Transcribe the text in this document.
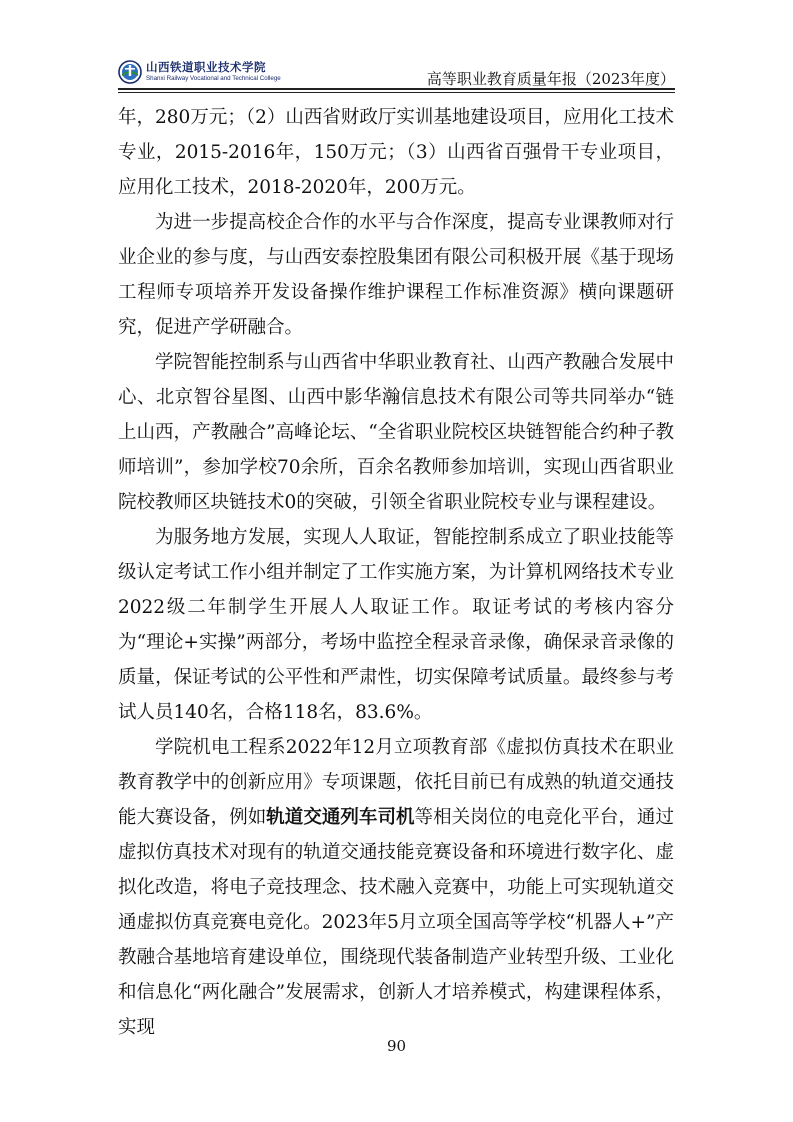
山西铁道职业技术学院
Shanxi Railway Vocational and Technical College	高等职业教育质量年报（2023年度）

年，280万元；（2）山西省财政厅实训基地建设项目，应用化工技术专业，2015-2016年，150万元；（3）山西省百强骨干专业项目，应用化工技术，2018-2020年，200万元。

为进一步提高校企合作的水平与合作深度，提高专业课教师对行业企业的参与度，与山西安泰控股集团有限公司积极开展《基于现场工程师专项培养开发设备操作维护课程工作标准资源》横向课题研究，促进产学研融合。

学院智能控制系与山西省中华职业教育社、山西产教融合发展中心、北京智谷星图、山西中影华瀚信息技术有限公司等共同举办“链上山西，产教融合”高峰论坛、“全省职业院校区块链智能合约种子教师培训”，参加学校70余所，百余名教师参加培训，实现山西省职业院校教师区块链技术0的突破，引领全省职业院校专业与课程建设。

为服务地方发展，实现人人取证，智能控制系成立了职业技能等级认定考试工作小组并制定了工作实施方案，为计算机网络技术专业2022级二年制学生开展人人取证工作。取证考试的考核内容分为“理论+实操”两部分，考场中监控全程录音录像，确保录音录像的质量，保证考试的公平性和严肃性，切实保障考试质量。最终参与考试人员140名，合格118名，83.6%。

学院机电工程系2022年12月立项教育部《虚拟仿真技术在职业教育教学中的创新应用》专项课题，依托目前已有成熟的轨道交通技能大赛设备，例如轨道交通列车司机等相关岗位的电竞化平台，通过虚拟仿真技术对现有的轨道交通技能竞赛设备和环境进行数字化、虚拟化改造，将电子竞技理念、技术融入竞赛中，功能上可实现轨道交通虚拟仿真竞赛电竞化。2023年5月立项全国高等学校“机器人+”产教融合基地培育建设单位，围绕现代装备制造产业转型升级、工业化和信息化“两化融合”发展需求，创新人才培养模式，构建课程体系，实现

90
